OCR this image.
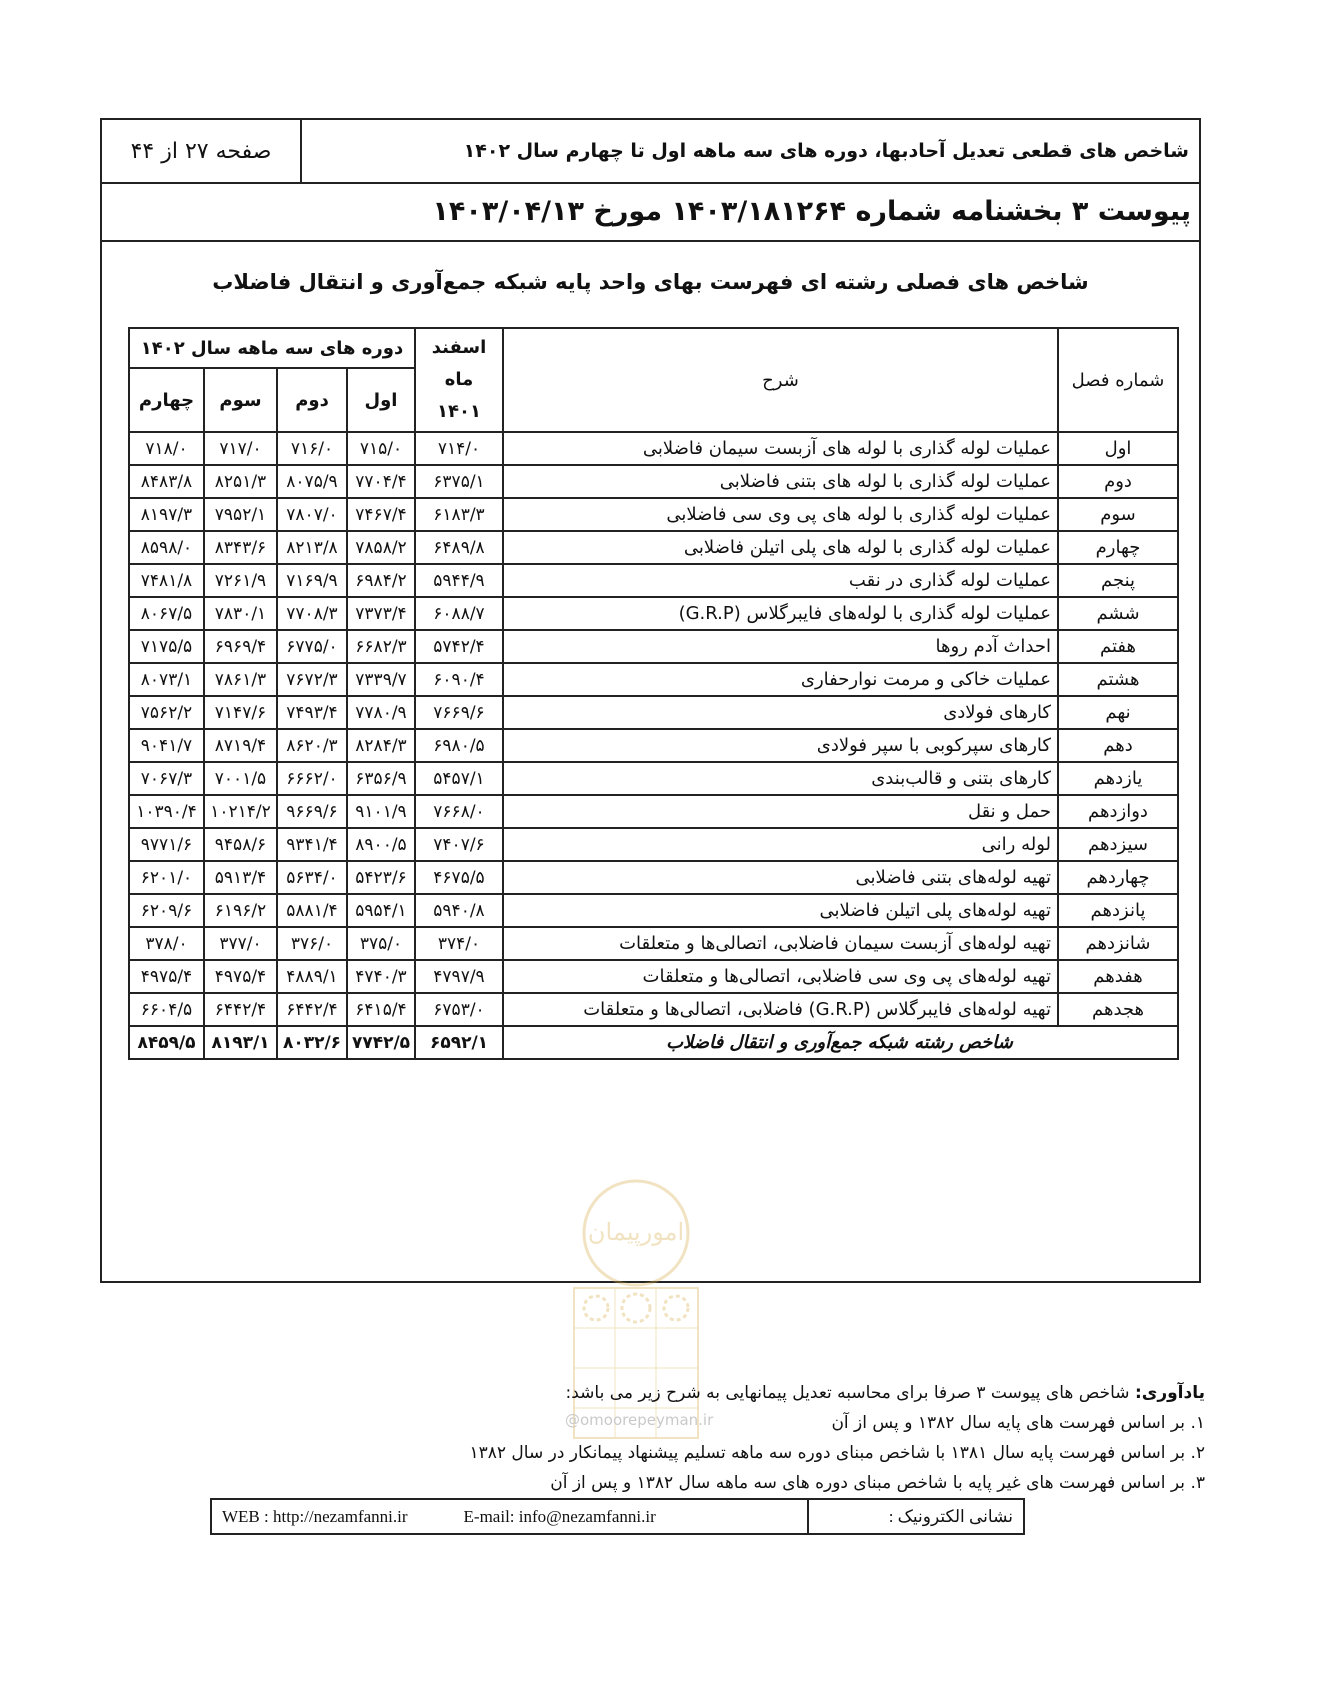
شاخص های قطعی تعدیل آحادبها، دوره های سه ماهه اول تا چهارم سال ۱۴۰۲
صفحه ۲۷ از ۴۴
پیوست ۳ بخشنامه شماره ۱۴۰۳/۱۸۱۲۶۴ مورخ ۱۴۰۳/۰۴/۱۳
شاخص های فصلی رشته ای فهرست بهای واحد پایه شبکه جمع‌آوری و انتقال فاضلاب
شماره فصل	شرح	اسفند ماه ۱۴۰۱	دوره های سه ماهه سال ۱۴۰۲			
			اول	دوم	سوم	چهارم
اول	عملیات لوله گذاری با لوله های آزبست سیمان فاضلابی	۷۱۴/۰	۷۱۵/۰	۷۱۶/۰	۷۱۷/۰	۷۱۸/۰
دوم	عملیات لوله گذاری با لوله های بتنی فاضلابی	۶۳۷۵/۱	۷۷۰۴/۴	۸۰۷۵/۹	۸۲۵۱/۳	۸۴۸۳/۸
سوم	عملیات لوله گذاری با لوله های پی وی سی فاضلابی	۶۱۸۳/۳	۷۴۶۷/۴	۷۸۰۷/۰	۷۹۵۲/۱	۸۱۹۷/۳
چهارم	عملیات لوله گذاری با لوله های پلی اتیلن فاضلابی	۶۴۸۹/۸	۷۸۵۸/۲	۸۲۱۳/۸	۸۳۴۳/۶	۸۵۹۸/۰
پنجم	عملیات لوله گذاری در نقب	۵۹۴۴/۹	۶۹۸۴/۲	۷۱۶۹/۹	۷۲۶۱/۹	۷۴۸۱/۸
ششم	عملیات لوله گذاری با لوله‌های فایبرگلاس (G.R.P)	۶۰۸۸/۷	۷۳۷۳/۴	۷۷۰۸/۳	۷۸۳۰/۱	۸۰۶۷/۵
هفتم	احداث آدم روها	۵۷۴۲/۴	۶۶۸۲/۳	۶۷۷۵/۰	۶۹۶۹/۴	۷۱۷۵/۵
هشتم	عملیات خاکی و مرمت نوارحفاری	۶۰۹۰/۴	۷۳۳۹/۷	۷۶۷۲/۳	۷۸۶۱/۳	۸۰۷۳/۱
نهم	کارهای فولادی	۷۶۶۹/۶	۷۷۸۰/۹	۷۴۹۳/۴	۷۱۴۷/۶	۷۵۶۲/۲
دهم	کارهای سپرکوبی با سپر فولادی	۶۹۸۰/۵	۸۲۸۴/۳	۸۶۲۰/۳	۸۷۱۹/۴	۹۰۴۱/۷
یازدهم	کارهای بتنی و قالب‌بندی	۵۴۵۷/۱	۶۳۵۶/۹	۶۶۶۲/۰	۷۰۰۱/۵	۷۰۶۷/۳
دوازدهم	حمل و نقل	۷۶۶۸/۰	۹۱۰۱/۹	۹۶۶۹/۶	۱۰۲۱۴/۲	۱۰۳۹۰/۴
سیزدهم	لوله رانی	۷۴۰۷/۶	۸۹۰۰/۵	۹۳۴۱/۴	۹۴۵۸/۶	۹۷۷۱/۶
چهاردهم	تهیه لوله‌های بتنی فاضلابی	۴۶۷۵/۵	۵۴۲۳/۶	۵۶۳۴/۰	۵۹۱۳/۴	۶۲۰۱/۰
پانزدهم	تهیه لوله‌های پلی اتیلن فاضلابی	۵۹۴۰/۸	۵۹۵۴/۱	۵۸۸۱/۴	۶۱۹۶/۲	۶۲۰۹/۶
شانزدهم	تهیه لوله‌های آزبست سیمان فاضلابی، اتصالی‌ها و متعلقات	۳۷۴/۰	۳۷۵/۰	۳۷۶/۰	۳۷۷/۰	۳۷۸/۰
هفدهم	تهیه لوله‌های پی وی سی فاضلابی، اتصالی‌ها و متعلقات	۴۷۹۷/۹	۴۷۴۰/۳	۴۸۸۹/۱	۴۹۷۵/۴	۴۹۷۵/۴
هجدهم	تهیه لوله‌های فایبرگلاس (G.R.P) فاضلابی، اتصالی‌ها و متعلقات	۶۷۵۳/۰	۶۴۱۵/۴	۶۴۴۲/۴	۶۴۴۲/۴	۶۶۰۴/۵
شاخص رشته شبکه جمع‌آوری و انتقال فاضلاب		۶۵۹۲/۱	۷۷۴۲/۵	۸۰۳۲/۶	۸۱۹۳/۱	۸۴۵۹/۵
امورپیمان
یادآوری: شاخص های پیوست ۳ صرفا برای محاسبه تعدیل پیمانهایی به شرح زیر می باشد:
۱. بر اساس فهرست های پایه سال ۱۳۸۲ و پس از آن
۲. بر اساس فهرست پایه سال ۱۳۸۱ با شاخص مبنای دوره سه ماهه تسلیم پیشنهاد پیمانکار در سال ۱۳۸۲
۳. بر اساس فهرست های غیر پایه با شاخص مبنای دوره های سه ماهه سال ۱۳۸۲ و پس از آن
@omoorepeyman.ir
نشانی الکترونیک :
WEB : http://nezamfanni.ir	E-mail: info@nezamfanni.ir
